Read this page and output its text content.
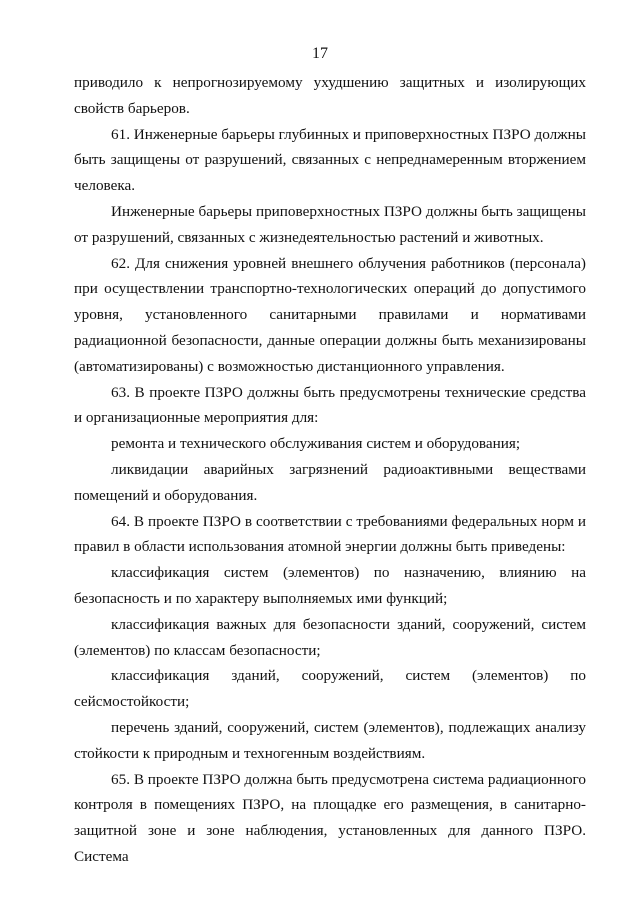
17

приводило к непрогнозируемому ухудшению защитных и изолирующих свойств барьеров.

61. Инженерные барьеры глубинных и приповерхностных ПЗРО должны быть защищены от разрушений, связанных с непреднамеренным вторжением человека.

Инженерные барьеры приповерхностных ПЗРО должны быть защищены от разрушений, связанных с жизнедеятельностью растений и животных.

62. Для снижения уровней внешнего облучения работников (персонала) при осуществлении транспортно-технологических операций до допустимого уровня, установленного санитарными правилами и нормативами радиационной безопасности, данные операции должны быть механизированы (автоматизированы) с возможностью дистанционного управления.

63. В проекте ПЗРО должны быть предусмотрены технические средства и организационные мероприятия для:

ремонта и технического обслуживания систем и оборудования;

ликвидации аварийных загрязнений радиоактивными веществами помещений и оборудования.

64. В проекте ПЗРО в соответствии с требованиями федеральных норм и правил в области использования атомной энергии должны быть приведены:

классификация систем (элементов) по назначению, влиянию на безопасность и по характеру выполняемых ими функций;

классификация важных для безопасности зданий, сооружений, систем (элементов) по классам безопасности;

классификация зданий, сооружений, систем (элементов) по сейсмостойкости;

перечень зданий, сооружений, систем (элементов), подлежащих анализу стойкости к природным и техногенным воздействиям.

65. В проекте ПЗРО должна быть предусмотрена система радиационного контроля в помещениях ПЗРО, на площадке его размещения, в санитарно-защитной зоне и зоне наблюдения, установленных для данного ПЗРО. Система
